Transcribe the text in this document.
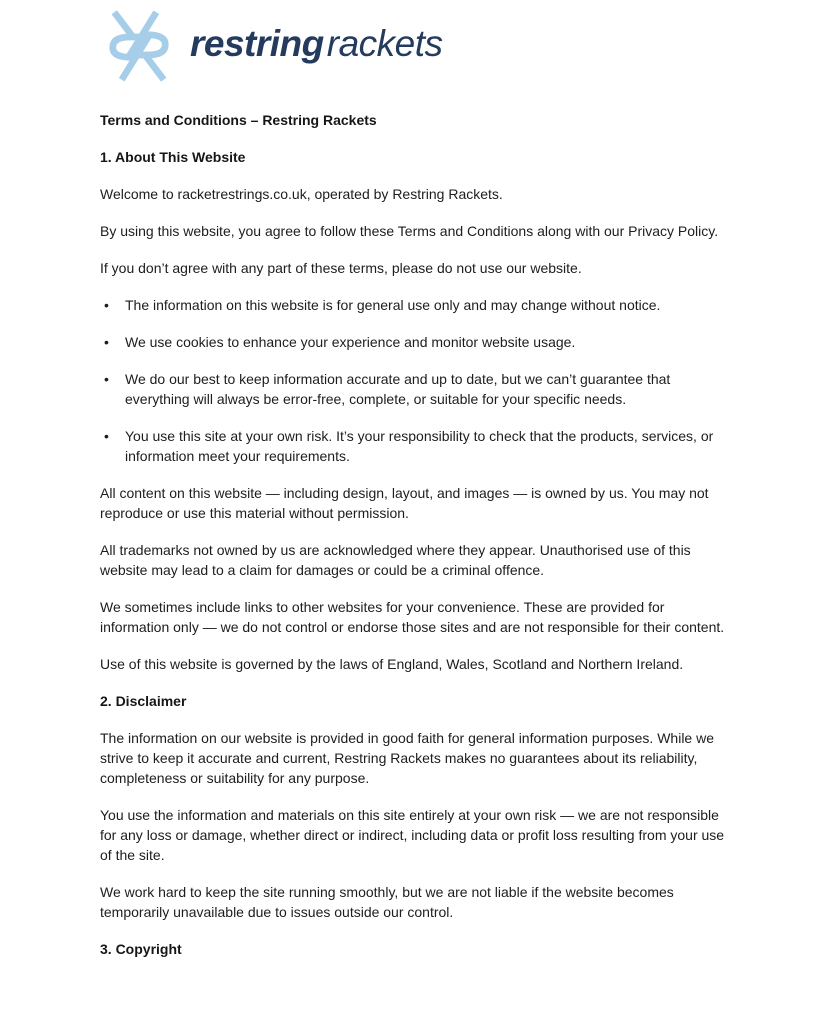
restringrackets

Terms and Conditions – Restring Rackets

1. About This Website

Welcome to racketrestrings.co.uk, operated by Restring Rackets.

By using this website, you agree to follow these Terms and Conditions along with our Privacy Policy.

If you don’t agree with any part of these terms, please do not use our website.

• The information on this website is for general use only and may change without notice.
• We use cookies to enhance your experience and monitor website usage.
• We do our best to keep information accurate and up to date, but we can’t guarantee that everything will always be error-free, complete, or suitable for your specific needs.
• You use this site at your own risk. It’s your responsibility to check that the products, services, or information meet your requirements.

All content on this website — including design, layout, and images — is owned by us. You may not reproduce or use this material without permission.

All trademarks not owned by us are acknowledged where they appear. Unauthorised use of this website may lead to a claim for damages or could be a criminal offence.

We sometimes include links to other websites for your convenience. These are provided for information only — we do not control or endorse those sites and are not responsible for their content.

Use of this website is governed by the laws of England, Wales, Scotland and Northern Ireland.

2. Disclaimer

The information on our website is provided in good faith for general information purposes. While we strive to keep it accurate and current, Restring Rackets makes no guarantees about its reliability, completeness or suitability for any purpose.

You use the information and materials on this site entirely at your own risk — we are not responsible for any loss or damage, whether direct or indirect, including data or profit loss resulting from your use of the site.

We work hard to keep the site running smoothly, but we are not liable if the website becomes temporarily unavailable due to issues outside our control.

3. Copyright
